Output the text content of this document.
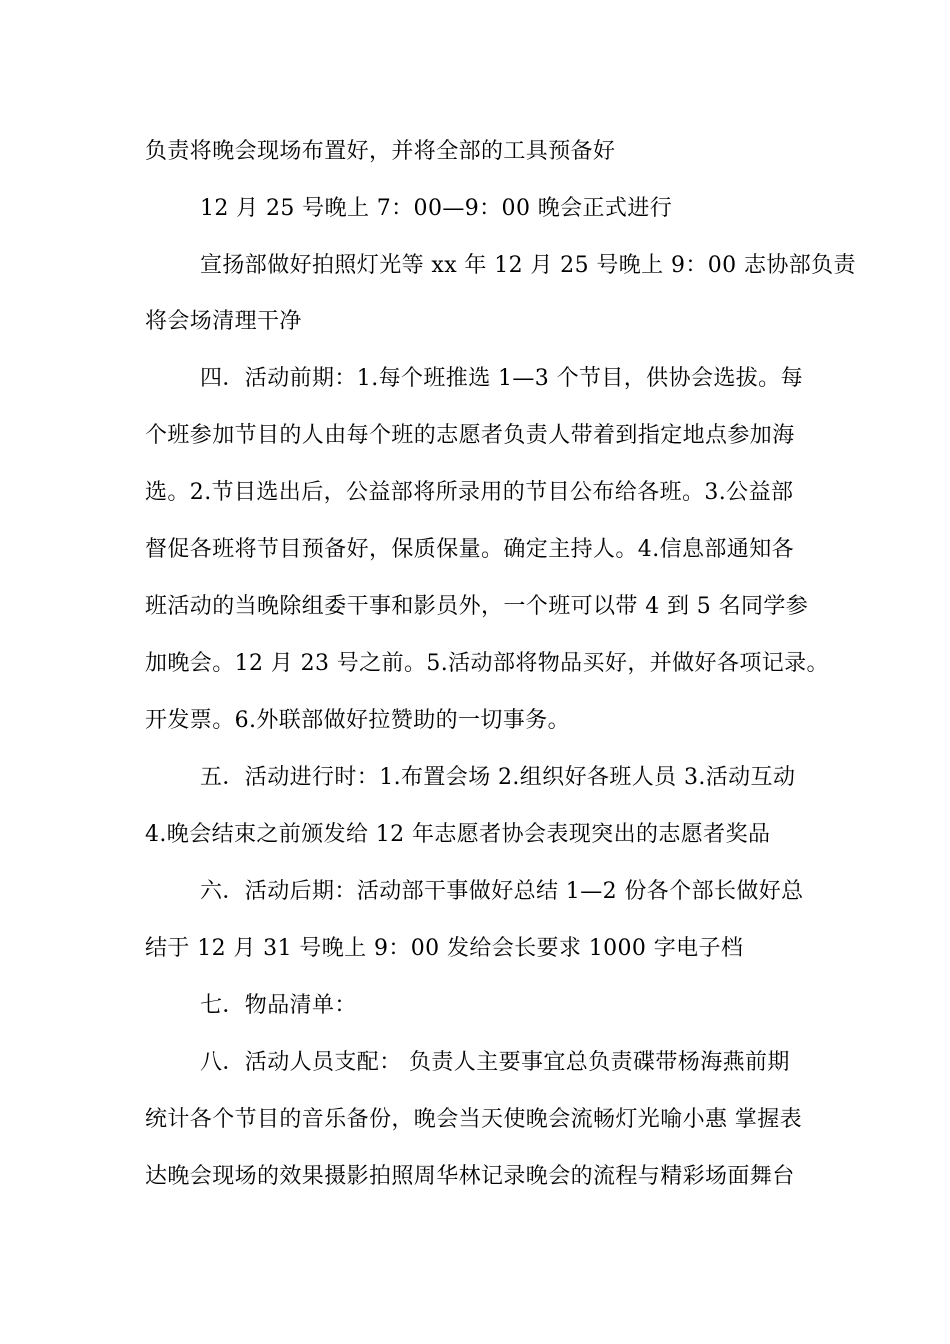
负责将晚会现场布置好，并将全部的工具预备好
12 月 25 号晚上 7：00—9：00 晚会正式进行
宣扬部做好拍照灯光等 xx 年 12 月 25 号晚上 9：00 志协部负责
将会场清理干净
四．活动前期：1.每个班推选 1—3 个节目，供协会选拔。每
个班参加节目的人由每个班的志愿者负责人带着到指定地点参加海
选。2.节目选出后，公益部将所录用的节目公布给各班。3.公益部
督促各班将节目预备好，保质保量。确定主持人。4.信息部通知各
班活动的当晚除组委干事和影员外，一个班可以带 4 到 5 名同学参
加晚会。12 月 23 号之前。5.活动部将物品买好，并做好各项记录。
开发票。6.外联部做好拉赞助的一切事务。
五．活动进行时：1.布置会场 2.组织好各班人员 3.活动互动
4.晚会结束之前颁发给 12 年志愿者协会表现突出的志愿者奖品
六．活动后期：活动部干事做好总结 1—2 份各个部长做好总
结于 12 月 31 号晚上 9：00 发给会长要求 1000 字电子档
七．物品清单：
八．活动人员支配： 负责人主要事宜总负责碟带杨海燕前期
统计各个节目的音乐备份，晚会当天使晚会流畅灯光喻小惠 掌握表
达晚会现场的效果摄影拍照周华林记录晚会的流程与精彩场面舞台
